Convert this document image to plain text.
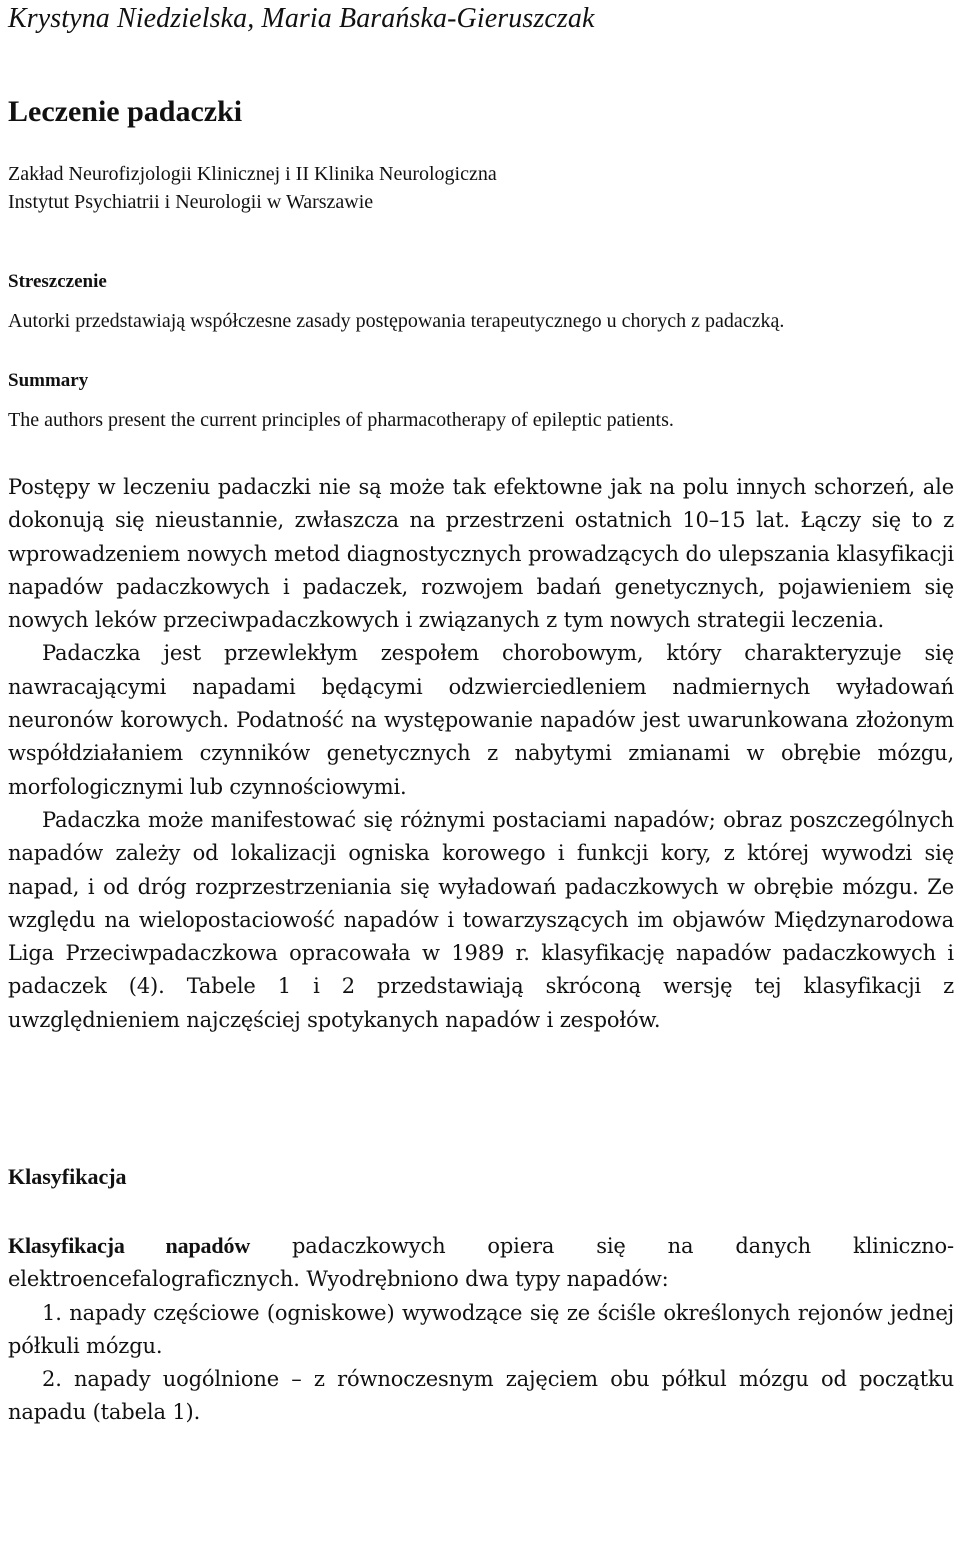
Krystyna Niedzielska, Maria Barańska-Gieruszczak
Leczenie padaczki
Zakład Neurofizjologii Klinicznej i II Klinika Neurologiczna
Instytut Psychiatrii i Neurologii w Warszawie
Streszczenie
Autorki przedstawiają współczesne zasady postępowania terapeutycznego u chorych z padaczką.
Summary
The authors present the current principles of pharmacotherapy of epileptic patients.

Postępy w leczeniu padaczki nie są może tak efektowne jak na polu innych schorzeń, ale dokonują się nieustannie, zwłaszcza na przestrzeni ostatnich 10–15 lat. Łączy się to z wprowadzeniem nowych metod diagnostycznych prowadzących do ulepszania klasyfikacji napadów padaczkowych i padaczek, rozwojem badań genetycznych, pojawieniem się nowych leków przeciwpadaczkowych i związanych z tym nowych strategii leczenia.

Padaczka jest przewlekłym zespołem chorobowym, który charakteryzuje się nawracającymi napadami będącymi odzwierciedleniem nadmiernych wyładowań neuronów korowych. Podatność na występowanie napadów jest uwarunkowana złożonym współdziałaniem czynników genetycznych z nabytymi zmianami w obrębie mózgu, morfologicznymi lub czynnościowymi.

Padaczka może manifestować się różnymi postaciami napadów; obraz poszczególnych napadów zależy od lokalizacji ogniska korowego i funkcji kory, z której wywodzi się napad, i od dróg rozprzestrzeniania się wyładowań padaczkowych w obrębie mózgu. Ze względu na wielopostaciowość napadów i towarzyszących im objawów Międzynarodowa Liga Przeciwpadaczkowa opracowała w 1989 r. klasyfikację napadów padaczkowych i padaczek (4). Tabele 1 i 2 przedstawiają skróconą wersję tej klasyfikacji z uwzględnieniem najczęściej spotykanych napadów i zespołów.

Klasyfikacja

Klasyfikacja napadów padaczkowych opiera się na danych kliniczno-elektroencefalograficznych. Wyodrębniono dwa typy napadów:

1. napady częściowe (ogniskowe) wywodzące się ze ściśle określonych rejonów jednej półkuli mózgu.

2. napady uogólnione – z równoczesnym zajęciem obu półkul mózgu od początku napadu (tabela 1).
